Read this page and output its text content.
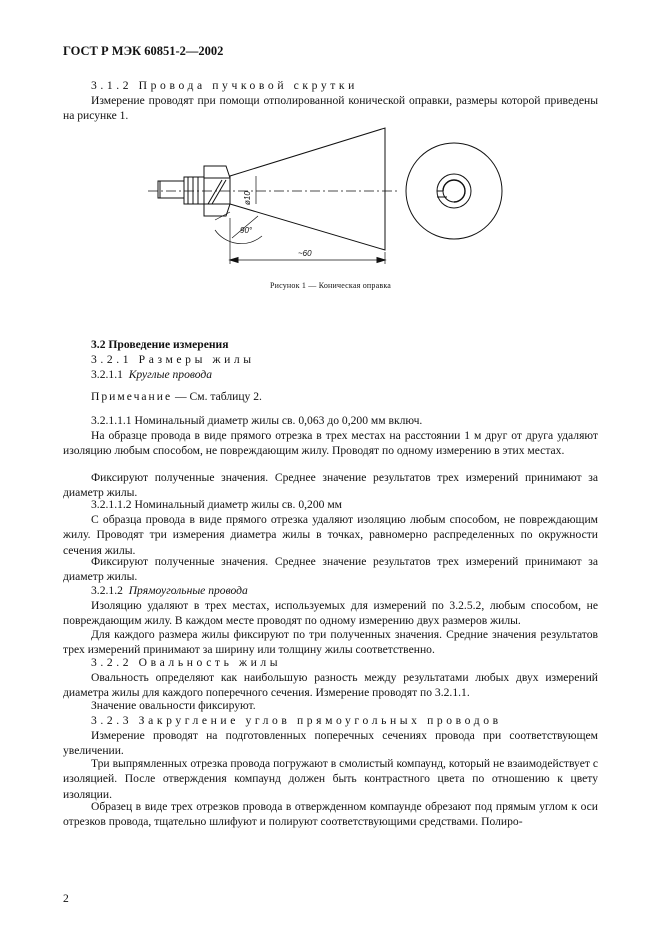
ГОСТ Р МЭК 60851-2—2002
3.1.2 Провода пучковой скрутки
Измерение проводят при помощи отполированной конической оправки, размеры которой приведены на рисунке 1.
ø10
90°
~60
Рисунок 1 — Коническая оправка
3.2 Проведение измерения
3.2.1 Размеры жилы
3.2.1.1 Круглые провода
Примечание — См. таблицу 2.
3.2.1.1.1 Номинальный диаметр жилы св. 0,063 до 0,200 мм включ.
На образце провода в виде прямого отрезка в трех местах на расстоянии 1 м друг от друга удаляют изоляцию любым способом, не повреждающим жилу. Проводят по одному измерению в этих местах.
Фиксируют полученные значения. Среднее значение результатов трех измерений принимают за диаметр жилы.
3.2.1.1.2 Номинальный диаметр жилы св. 0,200 мм
С образца провода в виде прямого отрезка удаляют изоляцию любым способом, не повреждающим жилу. Проводят три измерения диаметра жилы в точках, равномерно распределенных по окружности сечения жилы.
Фиксируют полученные значения. Среднее значение результатов трех измерений принимают за диаметр жилы.
3.2.1.2 Прямоугольные провода
Изоляцию удаляют в трех местах, используемых для измерений по 3.2.5.2, любым способом, не повреждающим жилу. В каждом месте проводят по одному измерению двух размеров жилы.
Для каждого размера жилы фиксируют по три полученных значения. Средние значения результатов трех измерений принимают за ширину или толщину жилы соответственно.
3.2.2 Овальность жилы
Овальность определяют как наибольшую разность между результатами любых двух измерений диаметра жилы для каждого поперечного сечения. Измерение проводят по 3.2.1.1.
Значение овальности фиксируют.
3.2.3 Закругление углов прямоугольных проводов
Измерение проводят на подготовленных поперечных сечениях провода при соответствующем увеличении.
Три выпрямленных отрезка провода погружают в смолистый компаунд, который не взаимодействует с изоляцией. После отверждения компаунд должен быть контрастного цвета по отношению к цвету изоляции.
Образец в виде трех отрезков провода в отвержденном компаунде обрезают под прямым углом к оси отрезков провода, тщательно шлифуют и полируют соответствующими средствами. Полиро-
2
